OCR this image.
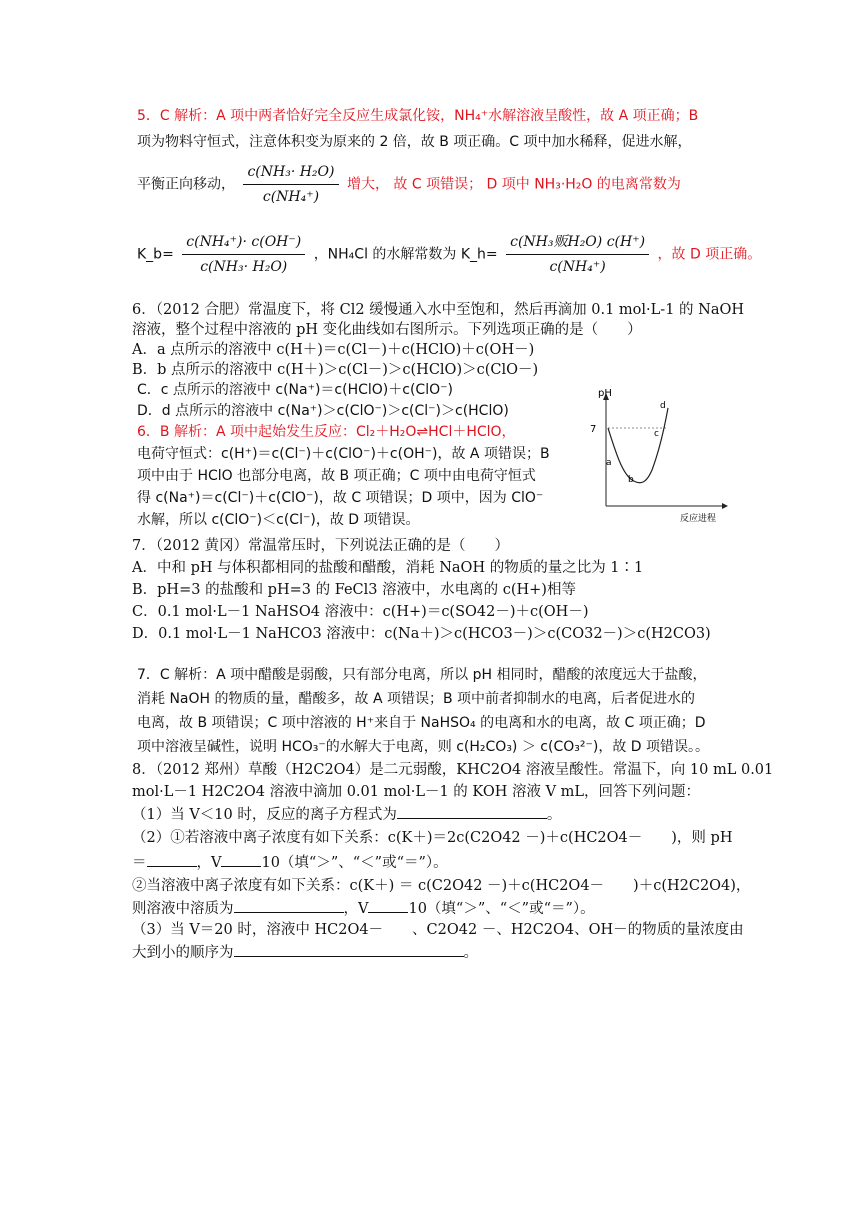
5．C 解析：A 项中两者恰好完全反应生成氯化铵，NH₄⁺水解溶液呈酸性，故 A 项正确；B
项为物料守恒式，注意体积变为原来的 2 倍，故 B 项正确。C 项中加水稀释，促进水解，
平衡正向移动， $\frac{\text{c(NH₃· H₂O)}}{\text{c(NH₄⁺)}}$ 增大， 故 C 项错误； D 项中 NH₃·H₂O 的电离常数为
K_b= $\frac{\text{c(NH₄⁺)· c(OH⁻)}}{\text{c(NH₃· H₂O)}}$ ，NH₄Cl 的水解常数为 K_h= $\frac{\text{c(NH₃贩H₂O) c(H⁺)}}{\text{c(NH₄⁺)}}$ ，故 D 项正确。
6．（2012 合肥）常温度下，将 Cl2 缓慢通入水中至饱和，然后再滴加 0.1 mol·L-1 的 NaOH
溶液，整个过程中溶液的 pH 变化曲线如右图所示。下列选项正确的是（　　）
A．a 点所示的溶液中 c(H＋)＝c(Cl－)＋c(HClO)＋c(OH－)
B．b 点所示的溶液中 c(H＋)＞c(Cl－)＞c(HClO)＞c(ClO－)
C．c 点所示的溶液中 c(Na⁺)＝c(HClO)＋c(ClO⁻)
D．d 点所示的溶液中 c(Na⁺)＞c(ClO⁻)＞c(Cl⁻)＞c(HClO)
6．B 解析：A 项中起始发生反应：Cl₂＋H₂O⇌HCl＋HClO，
电荷守恒式：c(H⁺)＝c(Cl⁻)＋c(ClO⁻)＋c(OH⁻)，故 A 项错误；B
项中由于 HClO 也部分电离，故 B 项正确；C 项中由电荷守恒式
得 c(Na⁺)＝c(Cl⁻)＋c(ClO⁻)，故 C 项错误；D 项中，因为 ClO⁻
水解，所以 c(ClO⁻)＜c(Cl⁻)，故 D 项错误。
pH
反应进程
7
a
b
c
d
7．（2012 黄冈）常温常压时，下列说法正确的是（　　）
A．中和 pH 与体积都相同的盐酸和醋酸，消耗 NaOH 的物质的量之比为 1∶1
B．pH=3 的盐酸和 pH=3 的 FeCl3 溶液中，水电离的 c(H+)相等
C．0.1 mol·L－1 NaHSO4 溶液中：c(H+)＝c(SO42－)＋c(OH－)
D．0.1 mol·L－1 NaHCO3 溶液中：c(Na＋)＞c(HCO3－)＞c(CO32－)＞c(H2CO3)
7．C 解析：A 项中醋酸是弱酸，只有部分电离，所以 pH 相同时，醋酸的浓度远大于盐酸，
消耗 NaOH 的物质的量，醋酸多，故 A 项错误；B 项中前者抑制水的电离，后者促进水的
电离，故 B 项错误；C 项中溶液的 H⁺来自于 NaHSO₄ 的电离和水的电离，故 C 项正确；D
项中溶液呈碱性，说明 HCO₃⁻的水解大于电离，则 c(H₂CO₃) ＞ c(CO₃²⁻)，故 D 项错误。。
8．（2012 郑州）草酸（H2C2O4）是二元弱酸，KHC2O4 溶液呈酸性。常温下，向 10 mL 0.01
mol·L－1 H2C2O4 溶液中滴加 0.01 mol·L－1 的 KOH 溶液 V mL，回答下列问题：
（1）当 V＜10 时，反应的离子方程式为	。
（2）①若溶液中离子浓度有如下关系：c(K＋)＝2c(C2O42 －)＋c(HC2O4－　　)，则 pH
＝	，V	10（填“＞”、“＜”或“＝”）。
②当溶液中离子浓度有如下关系：c(K＋) ＝ c(C2O42 －)＋c(HC2O4－　　)＋c(H2C2O4)，
则溶液中溶质为	，V	10（填“＞”、“＜”或“＝”）。
（3）当 V＝20 时，溶液中 HC2O4－　　、C2O42 －、H2C2O4、OH－的物质的量浓度由
大到小的顺序为	。
